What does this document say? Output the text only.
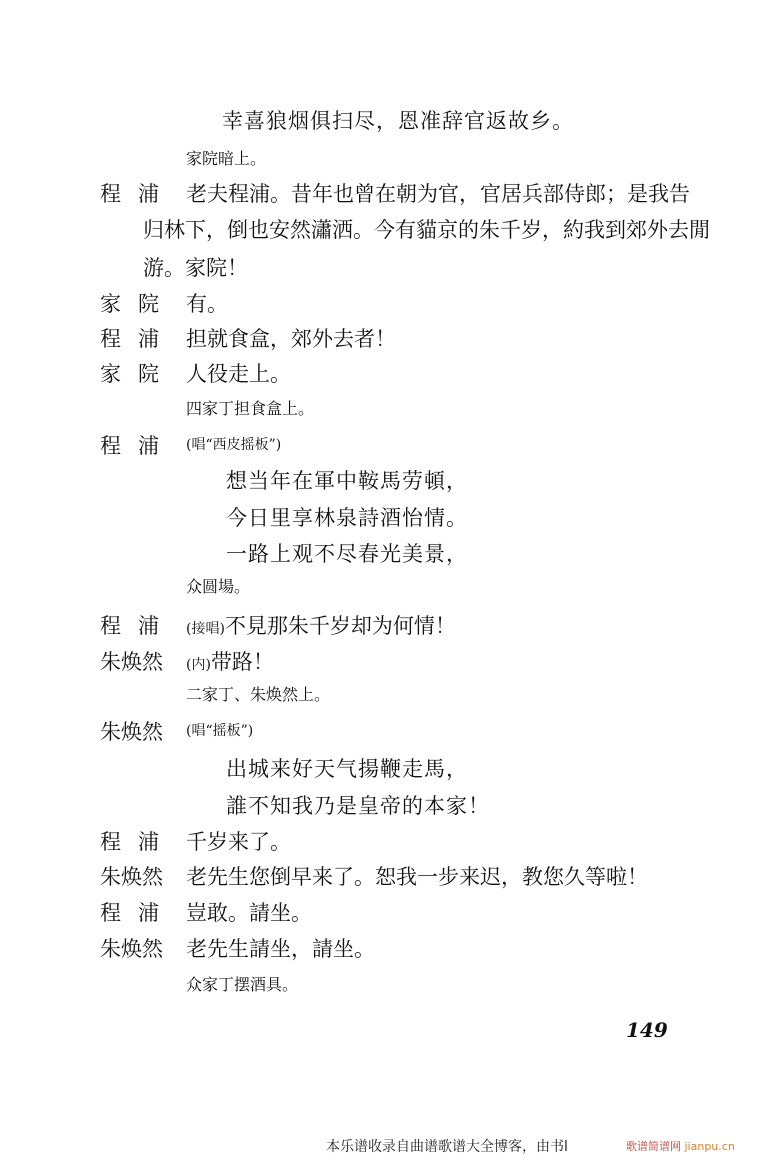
幸喜狼烟俱扫尽，恩准辞官返故乡。
家院暗上。
程浦 老夫程浦。昔年也曾在朝为官，官居兵部侍郎；是我告
归林下，倒也安然瀟洒。今有貓京的朱千岁，約我到郊外去閒
游。家院！
家院 有。
程浦 担就食盒，郊外去者！
家院 人役走上。
四家丁担食盒上。
程浦 (唱“西皮摇板”)
想当年在軍中鞍馬劳頓，
今日里享林泉詩酒怡情。
一路上观不尽春光美景，
众圆場。
程浦 (接唱)不見那朱千岁却为何情！
朱焕然	(内)带路！
二家丁、朱焕然上。
朱焕然	(唱“摇板”)
出城来好天气揚鞭走馬，
誰不知我乃是皇帝的本家！
程浦 千岁来了。
朱焕然	老先生您倒早来了。恕我一步来迟，教您久等啦！
程浦 豈敢。請坐。
朱焕然	老先生請坐，請坐。
众家丁摆酒具。
149
本乐谱收录自曲谱歌谱大全博客，由书l	歌谱简谱网 jianpu.cn
